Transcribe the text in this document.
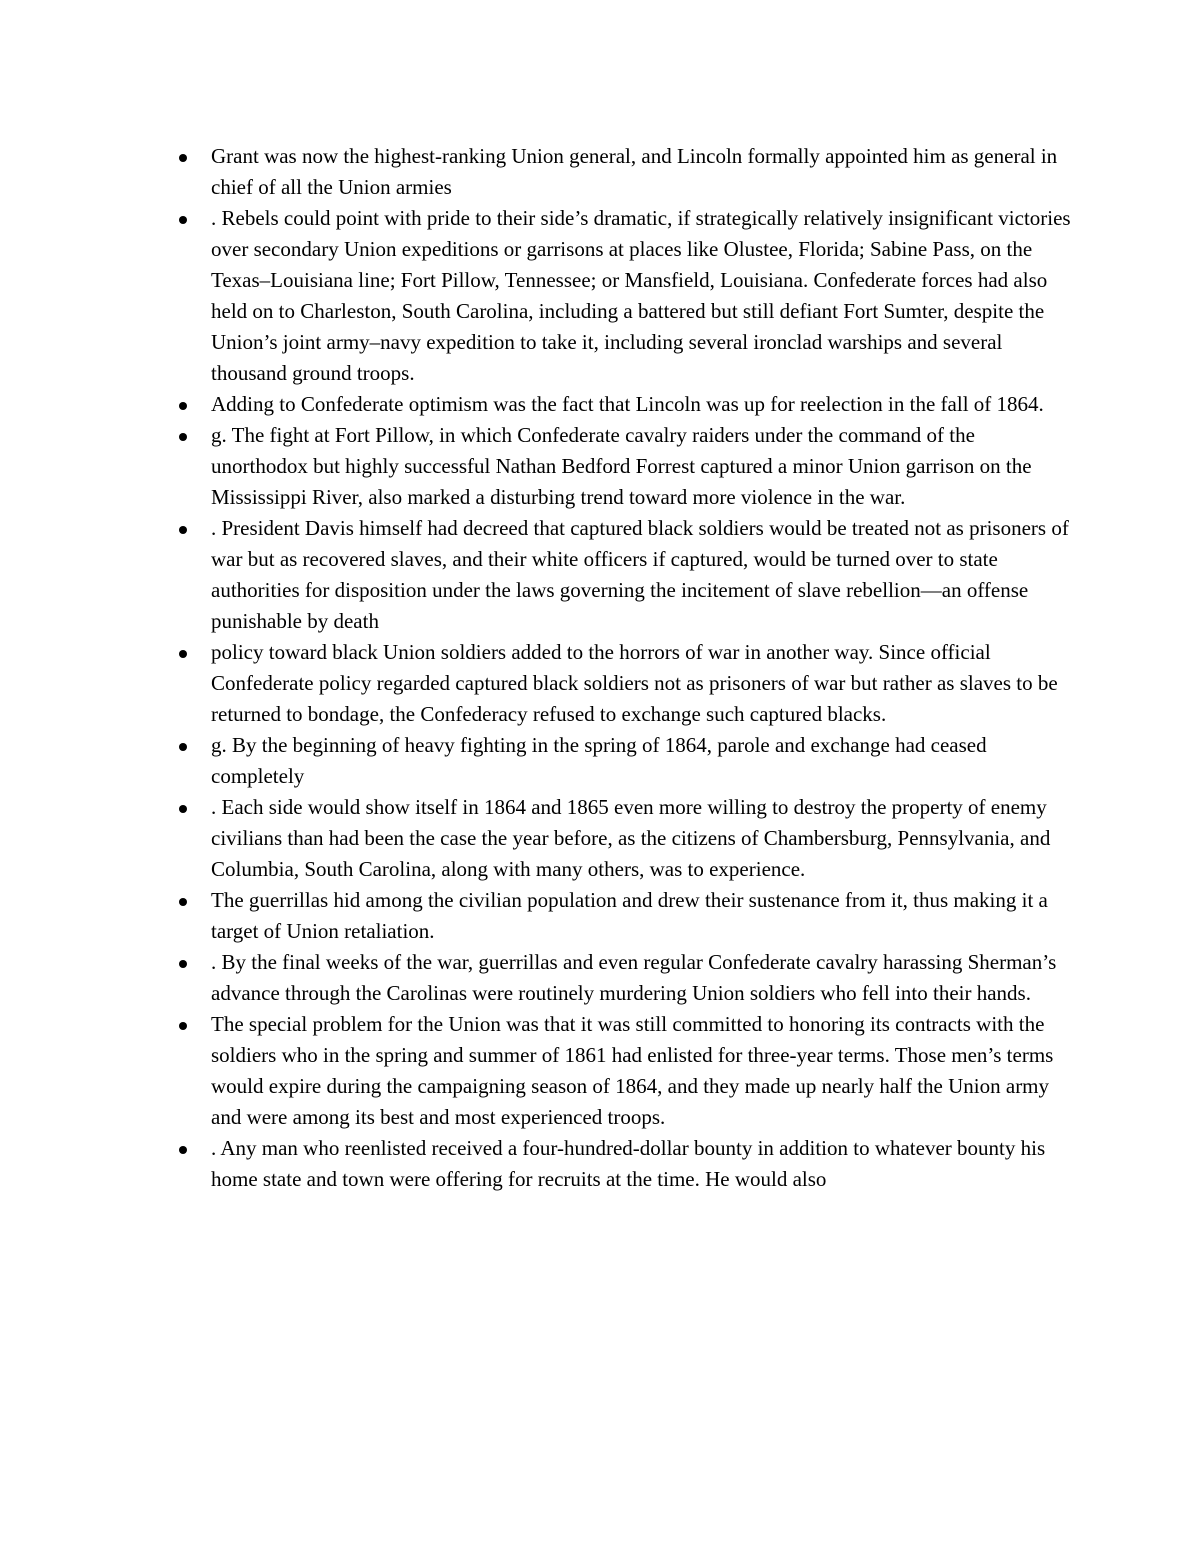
Grant was now the highest-ranking Union general, and Lincoln formally appointed him as general in chief of all the Union armies
. Rebels could point with pride to their side’s dramatic, if strategically relatively insignificant victories over secondary Union expeditions or garrisons at places like Olustee, Florida; Sabine Pass, on the Texas–Louisiana line; Fort Pillow, Tennessee; or Mansfield, Louisiana. Confederate forces had also held on to Charleston, South Carolina, including a battered but still defiant Fort Sumter, despite the Union’s joint army–navy expedition to take it, including several ironclad warships and several thousand ground troops.
Adding to Confederate optimism was the fact that Lincoln was up for reelection in the fall of 1864.
g. The fight at Fort Pillow, in which Confederate cavalry raiders under the command of the unorthodox but highly successful Nathan Bedford Forrest captured a minor Union garrison on the Mississippi River, also marked a disturbing trend toward more violence in the war.
. President Davis himself had decreed that captured black soldiers would be treated not as prisoners of war but as recovered slaves, and their white officers if captured, would be turned over to state authorities for disposition under the laws governing the incitement of slave rebellion—an offense punishable by death
policy toward black Union soldiers added to the horrors of war in another way. Since official Confederate policy regarded captured black soldiers not as prisoners of war but rather as slaves to be returned to bondage, the Confederacy refused to exchange such captured blacks.
g. By the beginning of heavy fighting in the spring of 1864, parole and exchange had ceased completely
. Each side would show itself in 1864 and 1865 even more willing to destroy the property of enemy civilians than had been the case the year before, as the citizens of Chambersburg, Pennsylvania, and Columbia, South Carolina, along with many others, was to experience.
The guerrillas hid among the civilian population and drew their sustenance from it, thus making it a target of Union retaliation.
. By the final weeks of the war, guerrillas and even regular Confederate cavalry harassing Sherman’s advance through the Carolinas were routinely murdering Union soldiers who fell into their hands.
The special problem for the Union was that it was still committed to honoring its contracts with the soldiers who in the spring and summer of 1861 had enlisted for three-year terms. Those men’s terms would expire during the campaigning season of 1864, and they made up nearly half the Union army and were among its best and most experienced troops.
. Any man who reenlisted received a four-hundred-dollar bounty in addition to whatever bounty his home state and town were offering for recruits at the time. He would also
